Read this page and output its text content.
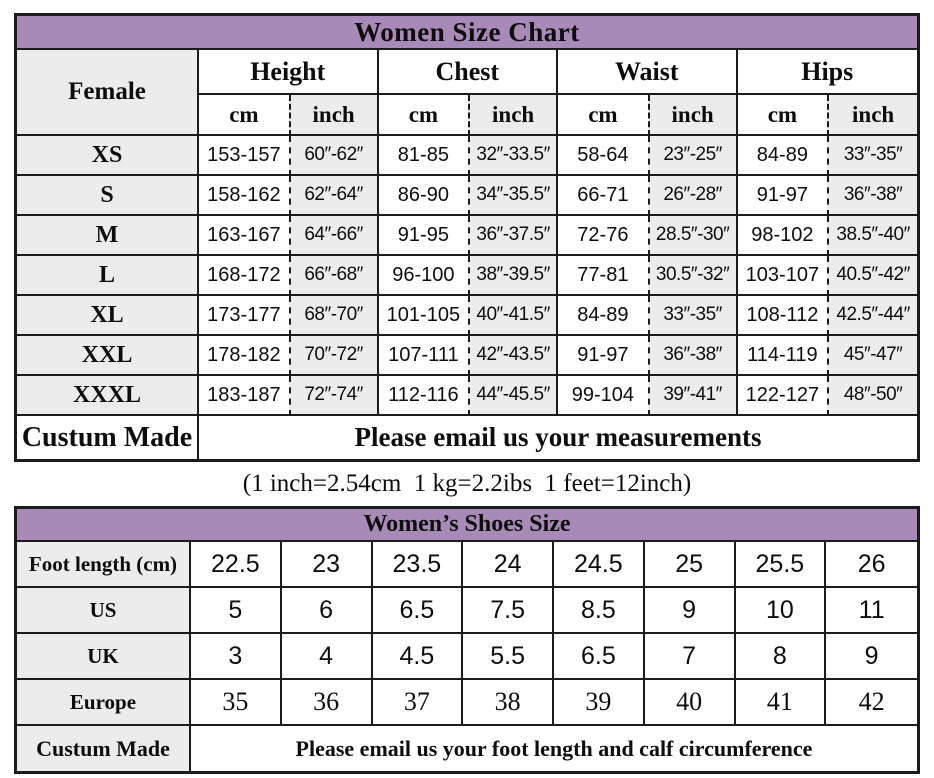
Women Size Chart								
Female	Height		Chest		Waist		Hips	
	cm	inch	cm	inch	cm	inch	cm	inch
XS	153-157	60″-62″	81-85	32″-33.5″	58-64	23″-25″	84-89	33″-35″
S	158-162	62″-64″	86-90	34″-35.5″	66-71	26″-28″	91-97	36″-38″
M	163-167	64″-66″	91-95	36″-37.5″	72-76	28.5″-30″	98-102	38.5″-40″
L	168-172	66″-68″	96-100	38″-39.5″	77-81	30.5″-32″	103-107	40.5″-42″
XL	173-177	68″-70″	101-105	40″-41.5″	84-89	33″-35″	108-112	42.5″-44″
XXL	178-182	70″-72″	107-111	42″-43.5″	91-97	36″-38″	114-119	45″-47″
XXXL	183-187	72″-74″	112-116	44″-45.5″	99-104	39″-41″	122-127	48″-50″
Custum Made	Please email us your measurements							
(1 inch=2.54cm  1 kg=2.2ibs  1 feet=12inch)
Women’s Shoes Size								
Foot length (cm)	22.5	23	23.5	24	24.5	25	25.5	26
US	5	6	6.5	7.5	8.5	9	10	11
UK	3	4	4.5	5.5	6.5	7	8	9
Europe	35	36	37	38	39	40	41	42
Custum Made	Please email us your foot length and calf circumference							
